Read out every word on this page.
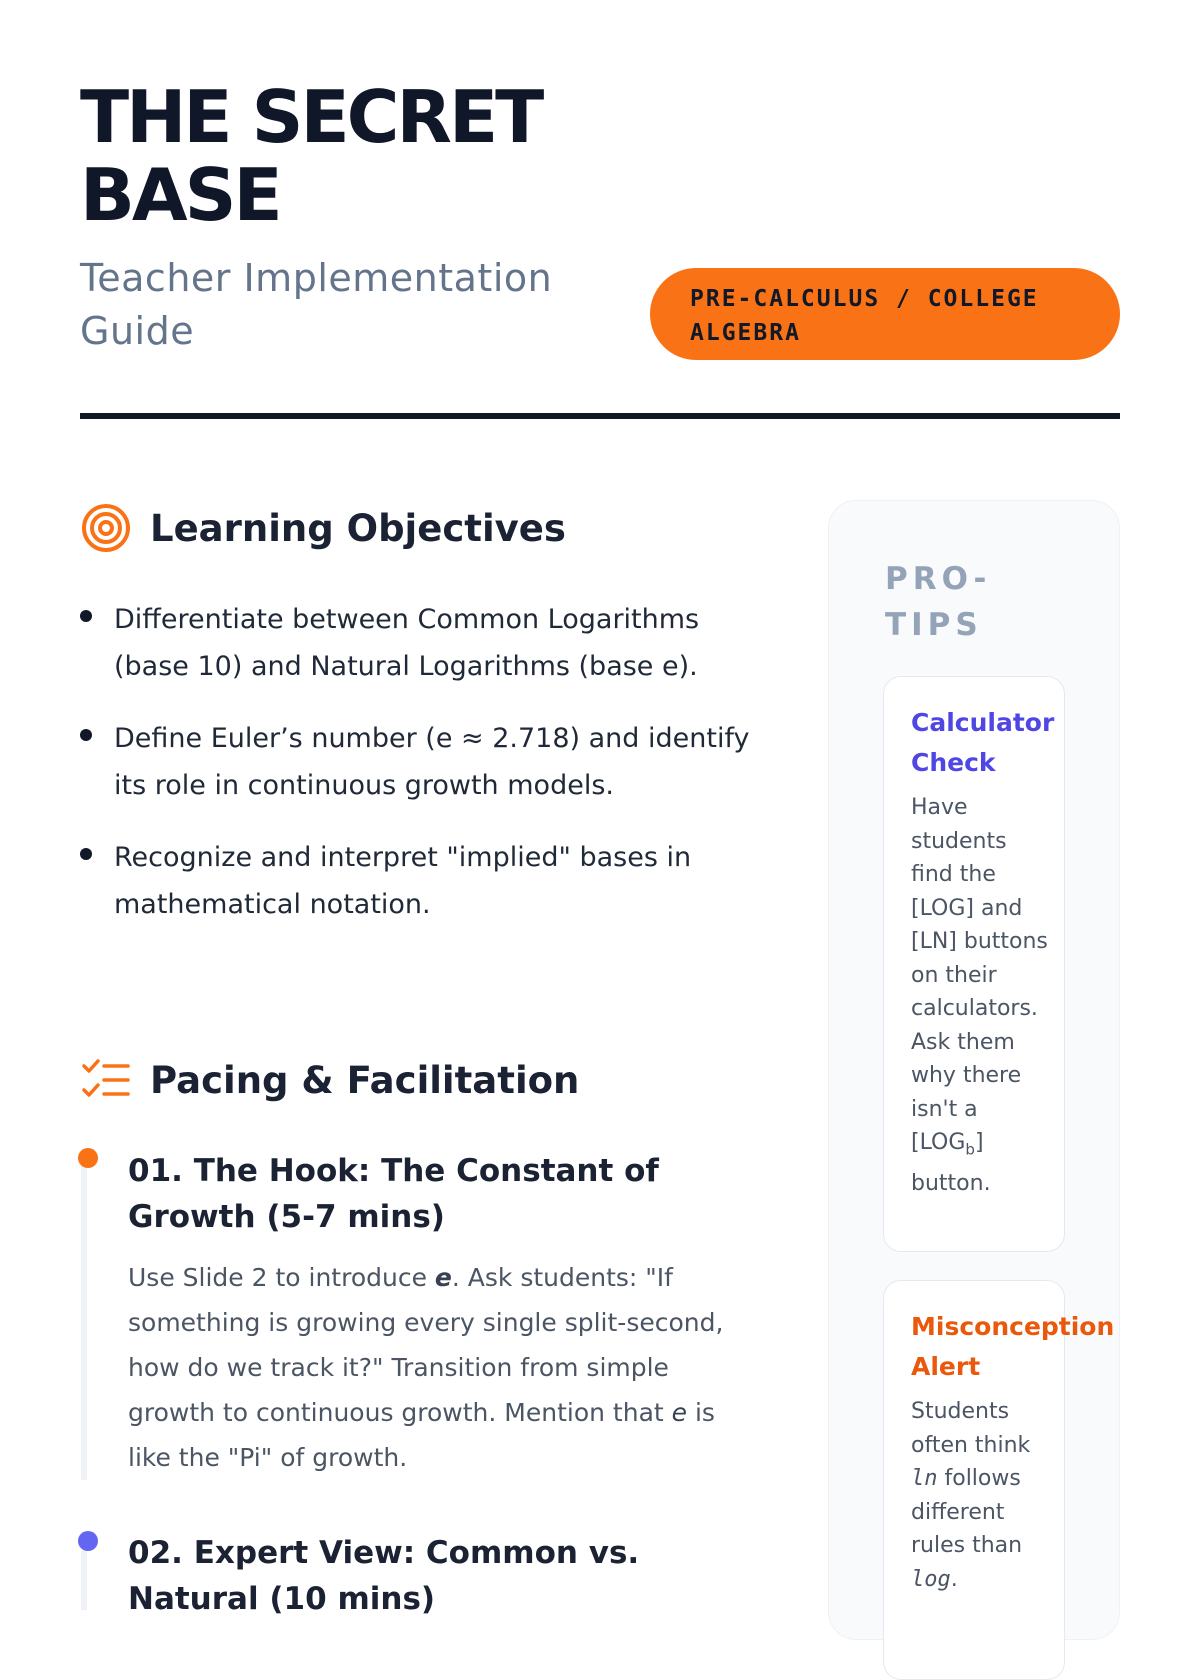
THE SECRET BASE

Teacher Implementation Guide

PRE-CALCULUS / COLLEGE ALGEBRA
Learning Objectives
Differentiate between Common Logarithms (base 10) and Natural Logarithms (base e).
Define Euler’s number (e ≈ 2.718) and identify its role in continuous growth models.
Recognize and interpret "implied" bases in mathematical notation.
Pacing & Facilitation
01. The Hook: The Constant of Growth (5-7 mins)

Use Slide 2 to introduce e. Ask students: "If something is growing every single split-second, how do we track it?" Transition from simple growth to continuous growth. Mention that e is like the "Pi" of growth.

02. Expert View: Common vs. Natural (10 mins)
PRO-TIPS
Calculator Check

Have students find the [LOG] and [LN] buttons on their calculators. Ask them why there isn't a $[LOG_b]$ button.

Misconception Alert

Students often think ln follows different rules than log.
